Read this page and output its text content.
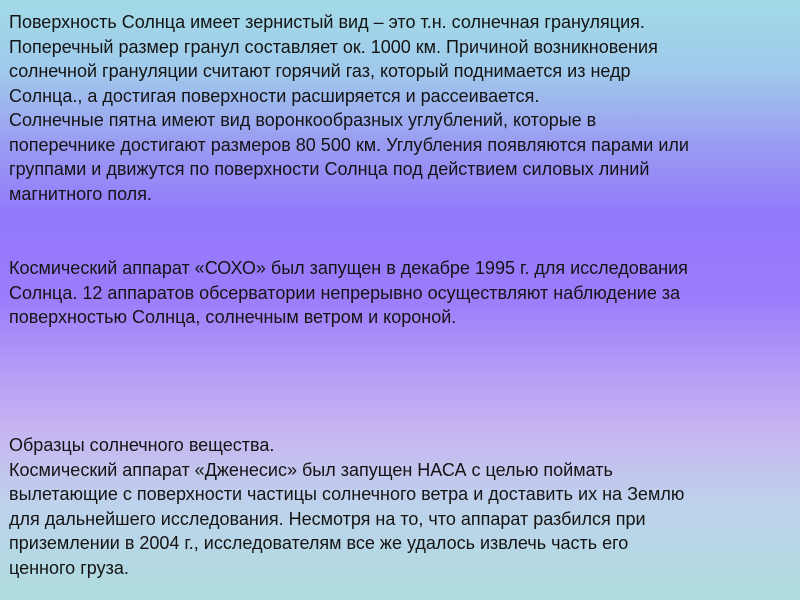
Поверхность Солнца имеет зернистый вид – это т.н. солнечная грануляция.

Поперечный размер гранул составляет ок. 1000 км. Причиной возникновения

солнечной грануляции считают горячий газ, который поднимается из недр

Солнца., а достигая поверхности расширяется и рассеивается.

Солнечные пятна имеют вид воронкообразных углублений, которые в

поперечнике достигают размеров 80 500 км. Углубления появляются парами или

группами и движутся по поверхности Солнца под действием силовых линий

магнитного поля.

Космический аппарат «СОХО» был запущен в декабре 1995 г. для исследования

Солнца. 12 аппаратов обсерватории непрерывно осуществляют наблюдение за

поверхностью Солнца, солнечным ветром и короной.

Образцы солнечного вещества.

Космический аппарат «Дженесис» был запущен НАСА с целью поймать

вылетающие с поверхности частицы солнечного ветра и доставить их на Землю

для дальнейшего исследования. Несмотря на то, что аппарат разбился при

приземлении в 2004 г., исследователям все же удалось извлечь часть его

ценного груза.
